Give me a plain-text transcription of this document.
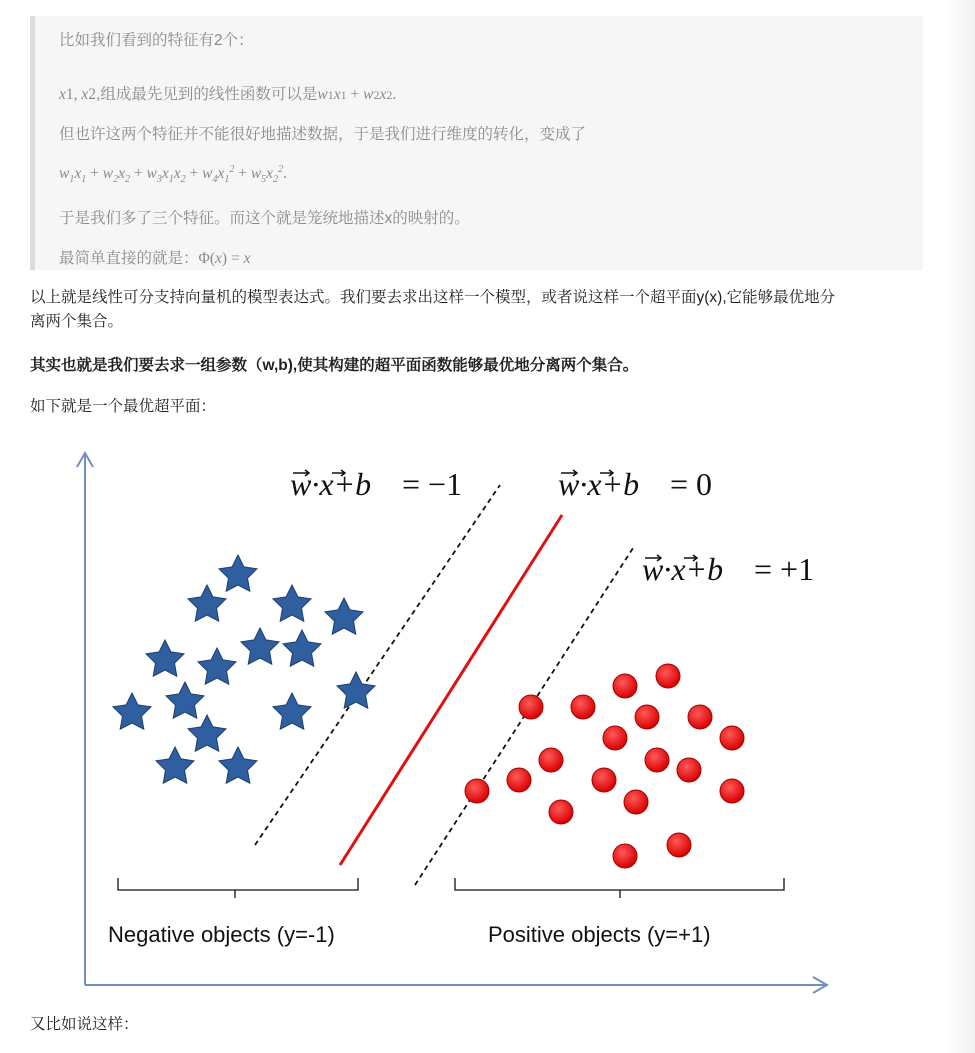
比如我们看到的特征有2个：
x1, x2,组成最先见到的线性函数可以是w1x1 + w2x2.
但也许这两个特征并不能很好地描述数据，于是我们进行维度的转化，变成了
$w_1x_1 + w_2x_2 + w_3x_1x_2 + w_4x_1^2 + w_5x_2^2$.
于是我们多了三个特征。而这个就是笼统地描述x的映射的。
最简单直接的就是：Φ(x) = x
以上就是线性可分支持向量机的模型表达式。我们要去求出这样一个模型，或者说这样一个超平面y(x),它能够最优地分
离两个集合。
其实也就是我们要去求一组参数（w,b),使其构建的超平面函数能够最优地分离两个集合。
如下就是一个最优超平面：
w·x+b = −1	w·x+b = 0
w·x+b = +1
Negative objects (y=-1)	Positive objects (y=+1)
又比如说这样：
